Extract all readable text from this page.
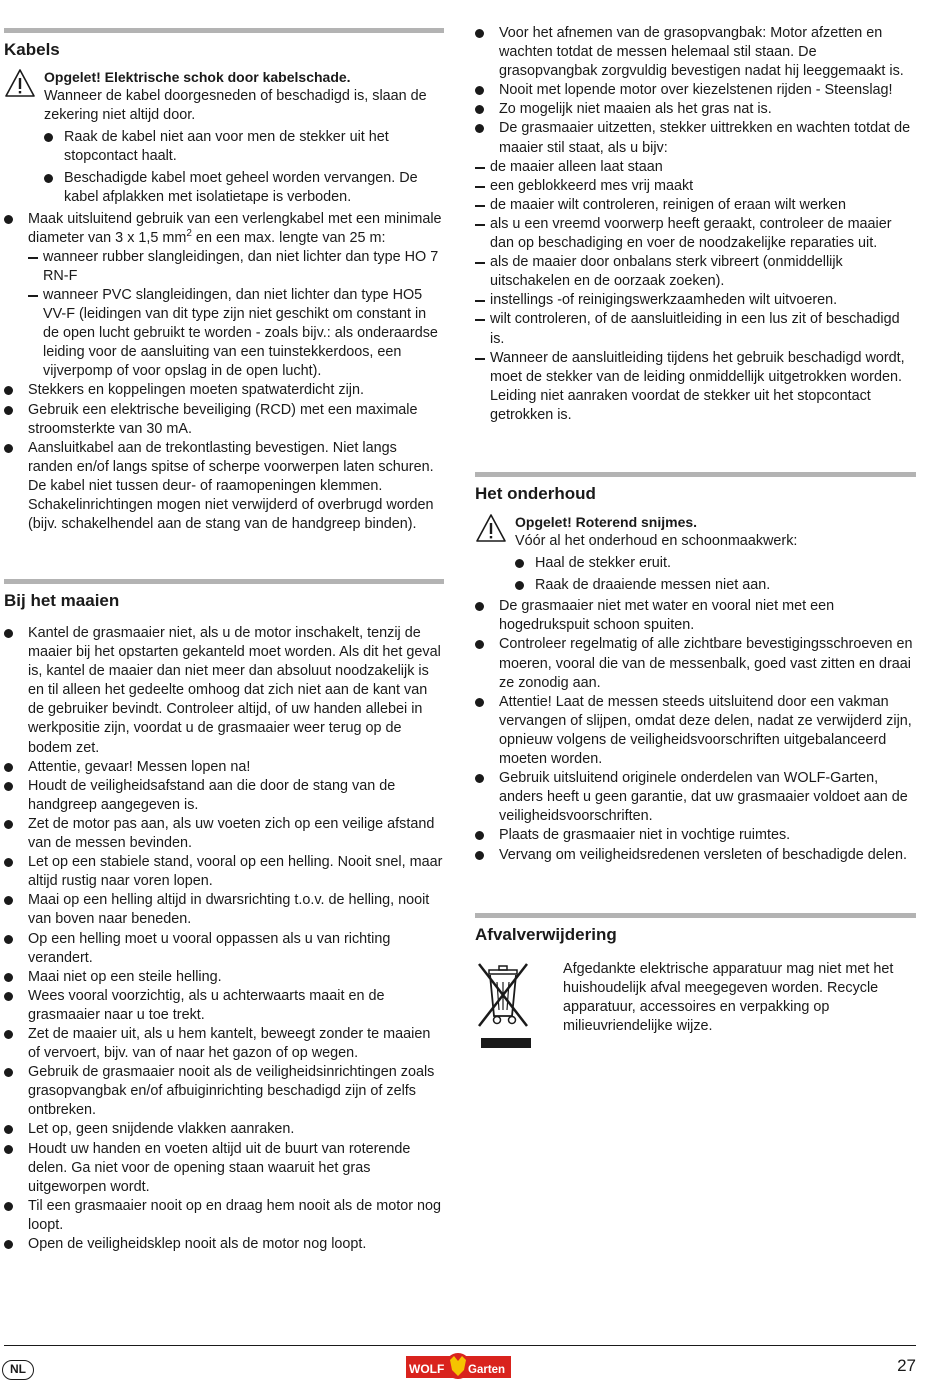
Kabels
Opgelet! Elektrische schok door kabelschade.
Wanneer de kabel doorgesneden of beschadigd is, slaan de zekering niet altijd door.
Raak de kabel niet aan voor men de stekker uit het stopcontact haalt.
Beschadigde kabel moet geheel worden vervangen. De kabel afplakken met isolatietape is verboden.
Maak uitsluitend gebruik van een verlengkabel met een minimale diameter van 3 x 1,5 $mm^2$ en een max. lengte van 25 m:
wanneer rubber slangleidingen, dan niet lichter dan type HO 7 RN-F
wanneer PVC slangleidingen, dan niet lichter dan type HO5 VV-F (leidingen van dit type zijn niet geschikt om constant in de open lucht gebruikt te worden - zoals bijv.: als onderaardse leiding voor de aansluiting van een tuinstekkerdoos, een vijverpomp of voor opslag in de open lucht).
Stekkers en koppelingen moeten spatwaterdicht zijn.
Gebruik een elektrische beveiliging (RCD) met een maximale stroomsterkte van 30 mA.
Aansluitkabel aan de trekontlasting bevestigen. Niet langs randen en/of langs spitse of scherpe voorwerpen laten schuren. De kabel niet tussen deur- of raamopeningen klemmen. Schakelinrichtingen mogen niet verwijderd of overbrugd worden (bijv. schakelhendel aan de stang van de handgreep binden).
Bij het maaien
Kantel de grasmaaier niet, als u de motor inschakelt, tenzij de maaier bij het opstarten gekanteld moet worden. Als dit het geval is, kantel de maaier dan niet meer dan absoluut noodzakelijk is en til alleen het gedeelte omhoog dat zich niet aan de kant van de gebruiker bevindt. Controleer altijd, of uw handen allebei in werkpositie zijn, voordat u de grasmaaier weer terug op de bodem zet.
Attentie, gevaar! Messen lopen na!
Houdt de veiligheidsafstand aan die door de stang van de handgreep aangegeven is.
Zet de motor pas aan, als uw voeten zich op een veilige afstand van de messen bevinden.
Let op een stabiele stand, vooral op een helling. Nooit snel, maar altijd rustig naar voren lopen.
Maai op een helling altijd in dwarsrichting t.o.v. de helling, nooit van boven naar beneden.
Op een helling moet u vooral oppassen als u van richting verandert.
Maai niet op een steile helling.
Wees vooral voorzichtig, als u achterwaarts maait en de grasmaaier naar u toe trekt.
Zet de maaier uit, als u hem kantelt, beweegt zonder te maaien of vervoert, bijv. van of naar het gazon of op wegen.
Gebruik de grasmaaier nooit als de veiligheidsinrichtingen zoals grasopvangbak en/of afbuiginrichting beschadigd zijn of zelfs ontbreken.
Let op, geen snijdende vlakken aanraken.
Houdt uw handen en voeten altijd uit de buurt van roterende delen. Ga niet voor de opening staan waaruit het gras uitgeworpen wordt.
Til een grasmaaier nooit op en draag hem nooit als de motor nog loopt.
Open de veiligheidsklep nooit als de motor nog loopt.
Voor het afnemen van de grasopvangbak: Motor afzetten en wachten totdat de messen helemaal stil staan. De grasopvangbak zorgvuldig bevestigen nadat hij leeggemaakt is.
Nooit met lopende motor over kiezelstenen rijden - Steenslag!
Zo mogelijk niet maaien als het gras nat is.
De grasmaaier uitzetten, stekker uittrekken en wachten totdat de maaier stil staat, als u bijv:
de maaier alleen laat staan
een geblokkeerd mes vrij maakt
de maaier wilt controleren, reinigen of eraan wilt werken
als u een vreemd voorwerp heeft geraakt, controleer de maaier dan op beschadiging en voer de noodzakelijke reparaties uit.
als de maaier door onbalans sterk vibreert (onmiddellijk uitschakelen en de oorzaak zoeken).
instellings -of reinigingswerkzaamheden wilt uitvoeren.
wilt controleren, of de aansluitleiding in een lus zit of beschadigd is.
Wanneer de aansluitleiding tijdens het gebruik beschadigd wordt, moet de stekker van de leiding onmiddellijk uitgetrokken worden. Leiding niet aanraken voordat de stekker uit het stopcontact getrokken is.
Het onderhoud
Opgelet! Roterend snijmes.
Vóór al het onderhoud en schoonmaakwerk:
Haal de stekker eruit.
Raak de draaiende messen niet aan.
De grasmaaier niet met water en vooral niet met een hogedrukspuit schoon spuiten.
Controleer regelmatig of alle zichtbare bevestigingsschroeven en moeren, vooral die van de messenbalk, goed vast zitten en draai ze zonodig aan.
Attentie! Laat de messen steeds uitsluitend door een vakman vervangen of slijpen, omdat deze delen, nadat ze verwijderd zijn, opnieuw volgens de veiligheidsvoorschriften uitgebalanceerd moeten worden.
Gebruik uitsluitend originele onderdelen van WOLF-Garten, anders heeft u geen garantie, dat uw grasmaaier voldoet aan de veiligheidsvoorschriften.
Plaats de grasmaaier niet in vochtige ruimtes.
Vervang om veiligheidsredenen versleten of beschadigde delen.
Afvalverwijdering
Afgedankte elektrische apparatuur mag niet met het huishoudelijk afval meegegeven worden. Recycle apparatuur, accessoires en verpakking op milieuvriendelijke wijze.
NL	WOLF Garten	27
